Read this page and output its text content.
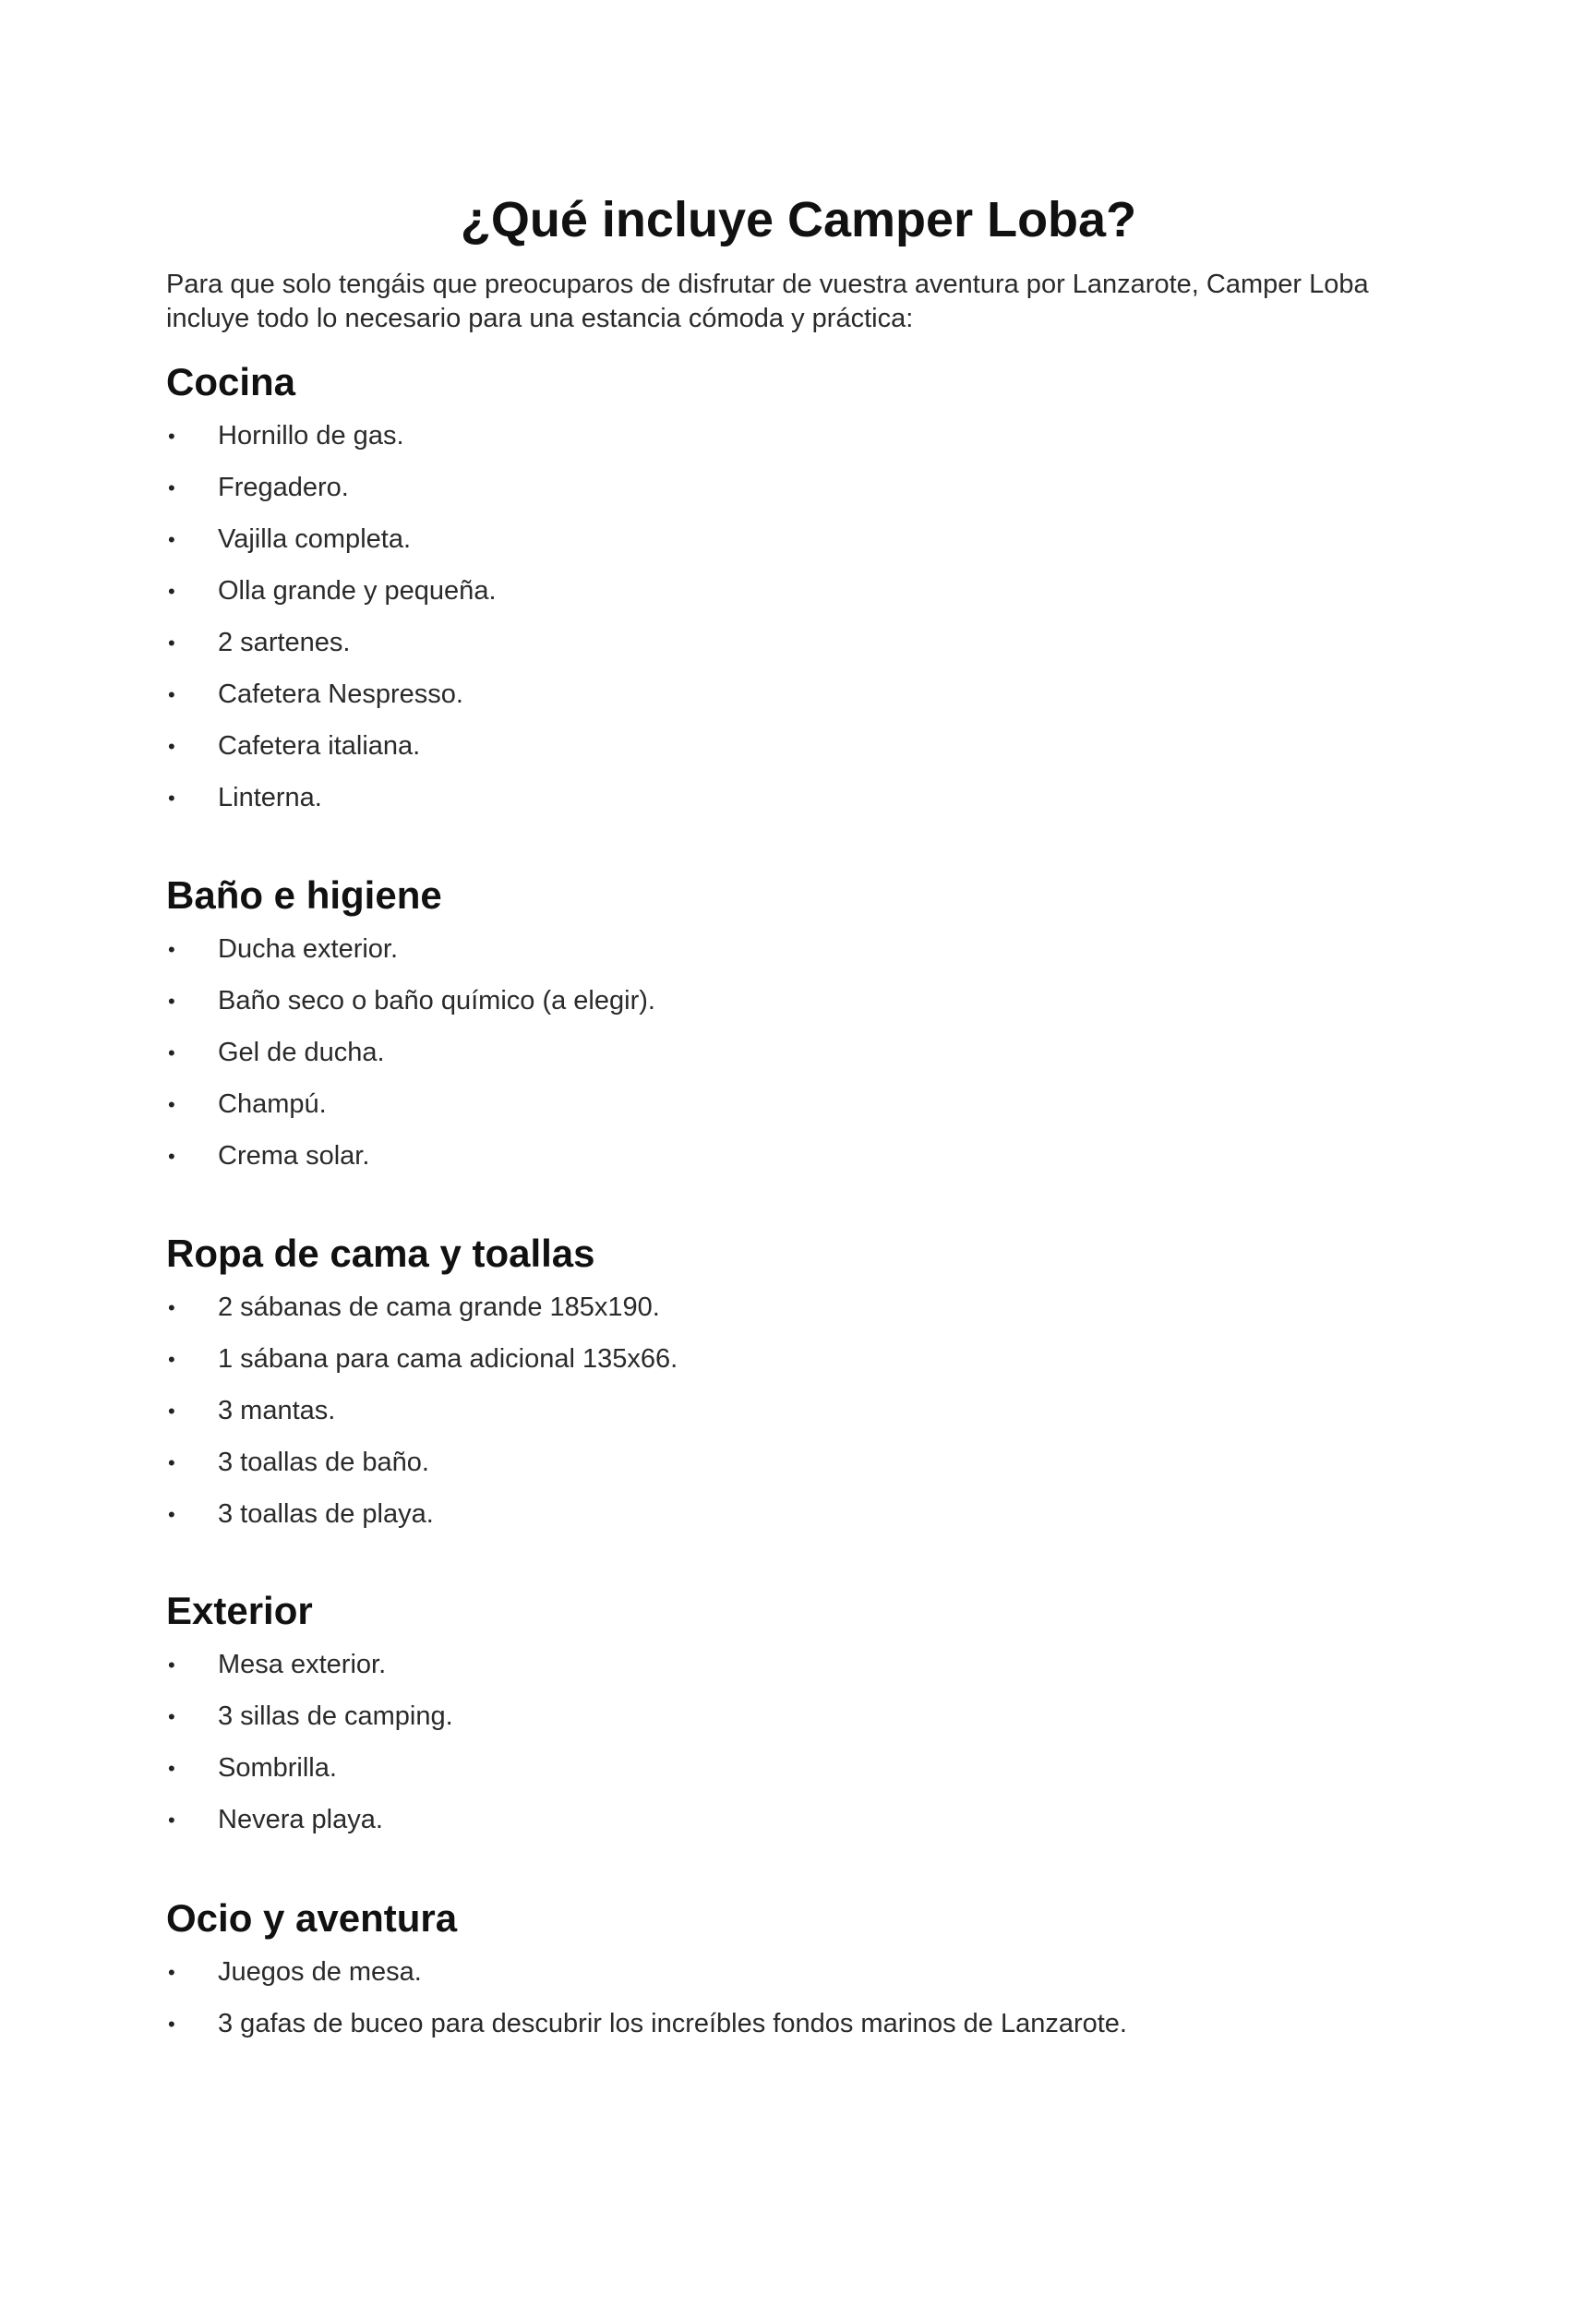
¿Qué incluye Camper Loba?

Para que solo tengáis que preocuparos de disfrutar de vuestra aventura por Lanzarote, Camper Loba incluye todo lo necesario para una estancia cómoda y práctica:

Cocina
• Hornillo de gas.
• Fregadero.
• Vajilla completa.
• Olla grande y pequeña.
• 2 sartenes.
• Cafetera Nespresso.
• Cafetera italiana.
• Linterna.
Baño e higiene
• Ducha exterior.
• Baño seco o baño químico (a elegir).
• Gel de ducha.
• Champú.
• Crema solar.
Ropa de cama y toallas
• 2 sábanas de cama grande 185x190.
• 1 sábana para cama adicional 135x66.
• 3 mantas.
• 3 toallas de baño.
• 3 toallas de playa.
Exterior
• Mesa exterior.
• 3 sillas de camping.
• Sombrilla.
• Nevera playa.
Ocio y aventura
• Juegos de mesa.
• 3 gafas de buceo para descubrir los increíbles fondos marinos de Lanzarote.
